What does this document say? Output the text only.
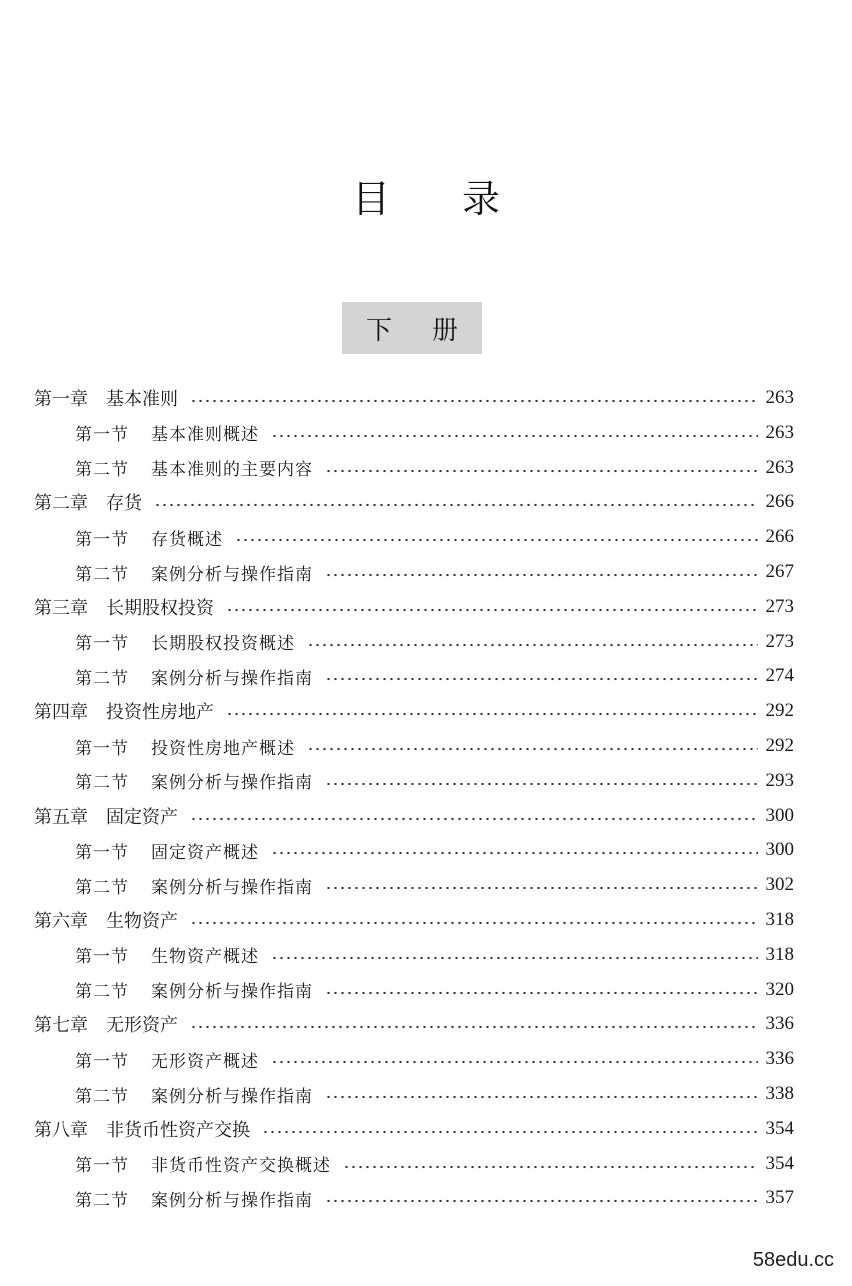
目 录
下 册
第一章 基本准则	263
第一节 基本准则概述	263
第二节 基本准则的主要内容	263
第二章 存货	266
第一节 存货概述	266
第二节 案例分析与操作指南	267
第三章 长期股权投资	273
第一节 长期股权投资概述	273
第二节 案例分析与操作指南	274
第四章 投资性房地产	292
第一节 投资性房地产概述	292
第二节 案例分析与操作指南	293
第五章 固定资产	300
第一节 固定资产概述	300
第二节 案例分析与操作指南	302
第六章 生物资产	318
第一节 生物资产概述	318
第二节 案例分析与操作指南	320
第七章 无形资产	336
第一节 无形资产概述	336
第二节 案例分析与操作指南	338
第八章 非货币性资产交换	354
第一节 非货币性资产交换概述	354
第二节 案例分析与操作指南	357
58edu.cc
